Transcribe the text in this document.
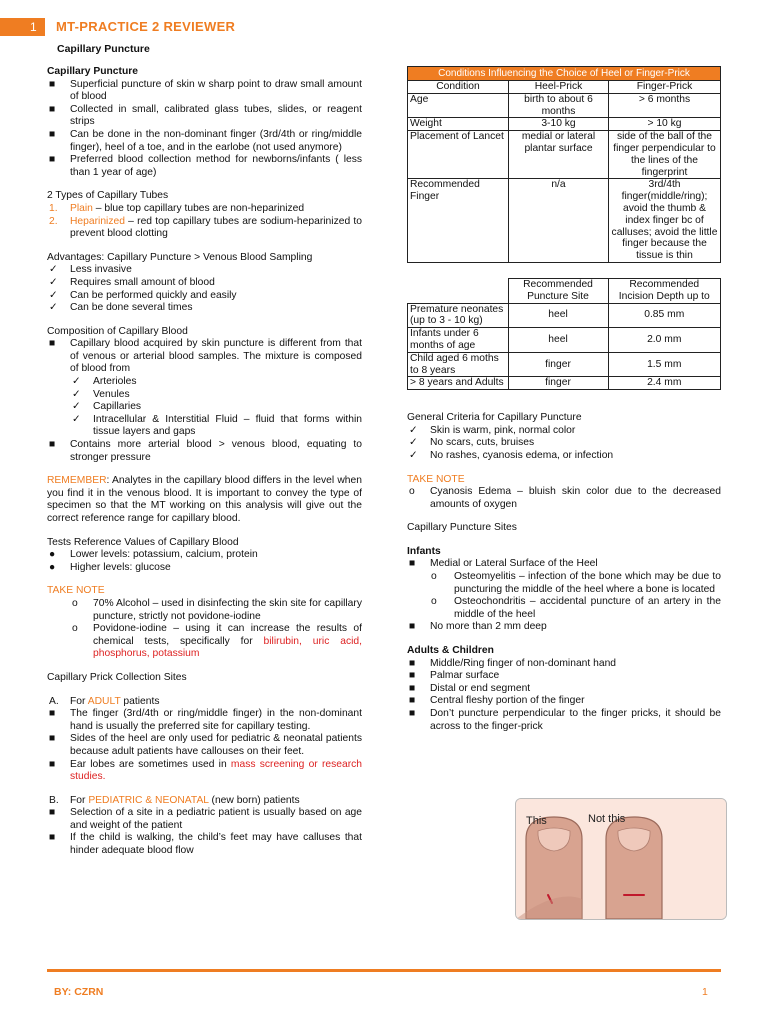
1	MT-PRACTICE 2 REVIEWER
Capillary Puncture

Capillary Puncture

■ Superficial puncture of skin w sharp point to draw small amount of blood
■ Collected in small, calibrated glass tubes, slides, or reagent strips
■ Can be done in the non-dominant finger (3rd/4th or ring/middle finger), heel of a toe, and in the earlobe (not used anymore)
■ Preferred blood collection method for newborns/infants ( less than 1 year of age)

2 Types of Capillary Tubes

1. Plain – blue top capillary tubes are non-heparinized
2. Heparinized – red top capillary tubes are sodium-heparinized to prevent blood clotting

Advantages: Capillary Puncture > Venous Blood Sampling

✓ Less invasive
✓ Requires small amount of blood
✓ Can be performed quickly and easily
✓ Can be done several times

Composition of Capillary Blood

■ Capillary blood acquired by skin puncture is different from that of venous or arterial blood samples. The mixture is composed of blood from
✓ Arterioles
✓ Venules
✓ Capillaries
✓ Intracellular & Interstitial Fluid – fluid that forms within tissue layers and gaps
■ Contains more arterial blood > venous blood, equating to stronger pressure

REMEMBER: Analytes in the capillary blood differs in the level when you find it in the venous blood. It is important to convey the type of specimen so that the MT working on this analysis will give out the correct reference range for capillary blood.

Tests Reference Values of Capillary Blood

● Lower levels: potassium, calcium, protein
● Higher levels: glucose

TAKE NOTE

o 70% Alcohol – used in disinfecting the skin site for capillary puncture, strictly not povidone-iodine
o Povidone-iodine – using it can increase the results of chemical tests, specifically for bilirubin, uric acid, phosphorus, potassium

Capillary Prick Collection Sites

A. For ADULT patients
■ The finger (3rd/4th or ring/middle finger) in the non-dominant hand is usually the preferred site for capillary testing.
■ Sides of the heel are only used for pediatric & neonatal patients because adult patients have callouses on their feet.
■ Ear lobes are sometimes used in mass screening or research studies.
B. For PEDIATRIC & NEONATAL (new born) patients
■ Selection of a site in a pediatric patient is usually based on age and weight of the patient
■ If the child is walking, the child’s feet may have calluses that hinder adequate blood flow
Conditions Influencing the Choice of Heel or Finger-Prick		
Condition	Heel-Prick	Finger-Prick
Age	birth to about 6 months	> 6 months
Weight	3-10 kg	> 10 kg
Placement of Lancet	medial or lateral plantar surface	side of the ball of the finger perpendicular to the lines of the fingerprint
Recommended Finger	n/a	3rd/4th finger(middle/ring); avoid the thumb & index finger bc of calluses; avoid the little finger because the tissue is thin
	Recommended Puncture Site	Recommended Incision Depth up to
Premature neonates (up to 3 - 10 kg)	heel	0.85 mm
Infants under 6 months of age	heel	2.0 mm
Child aged 6 moths to 8 years	finger	1.5 mm
> 8 years and Adults	finger	2.4 mm

General Criteria for Capillary Puncture

✓ Skin is warm, pink, normal color
✓ No scars, cuts, bruises
✓ No rashes, cyanosis edema, or infection

TAKE NOTE

o Cyanosis Edema – bluish skin color due to the decreased amounts of oxygen

Capillary Puncture Sites

Infants

■ Medial or Lateral Surface of the Heel
o Osteomyelitis – infection of the bone which may be due to puncturing the middle of the heel where a bone is located
o Osteochondritis – accidental puncture of an artery in the middle of the heel
■ No more than 2 mm deep

Adults & Children

■ Middle/Ring finger of non-dominant hand
■ Palmar surface
■ Distal or end segment
■ Central fleshy portion of the finger
■ Don’t puncture perpendicular to the finger pricks, it should be across to the finger-prick
This	Not this
BY: CZRN	1
